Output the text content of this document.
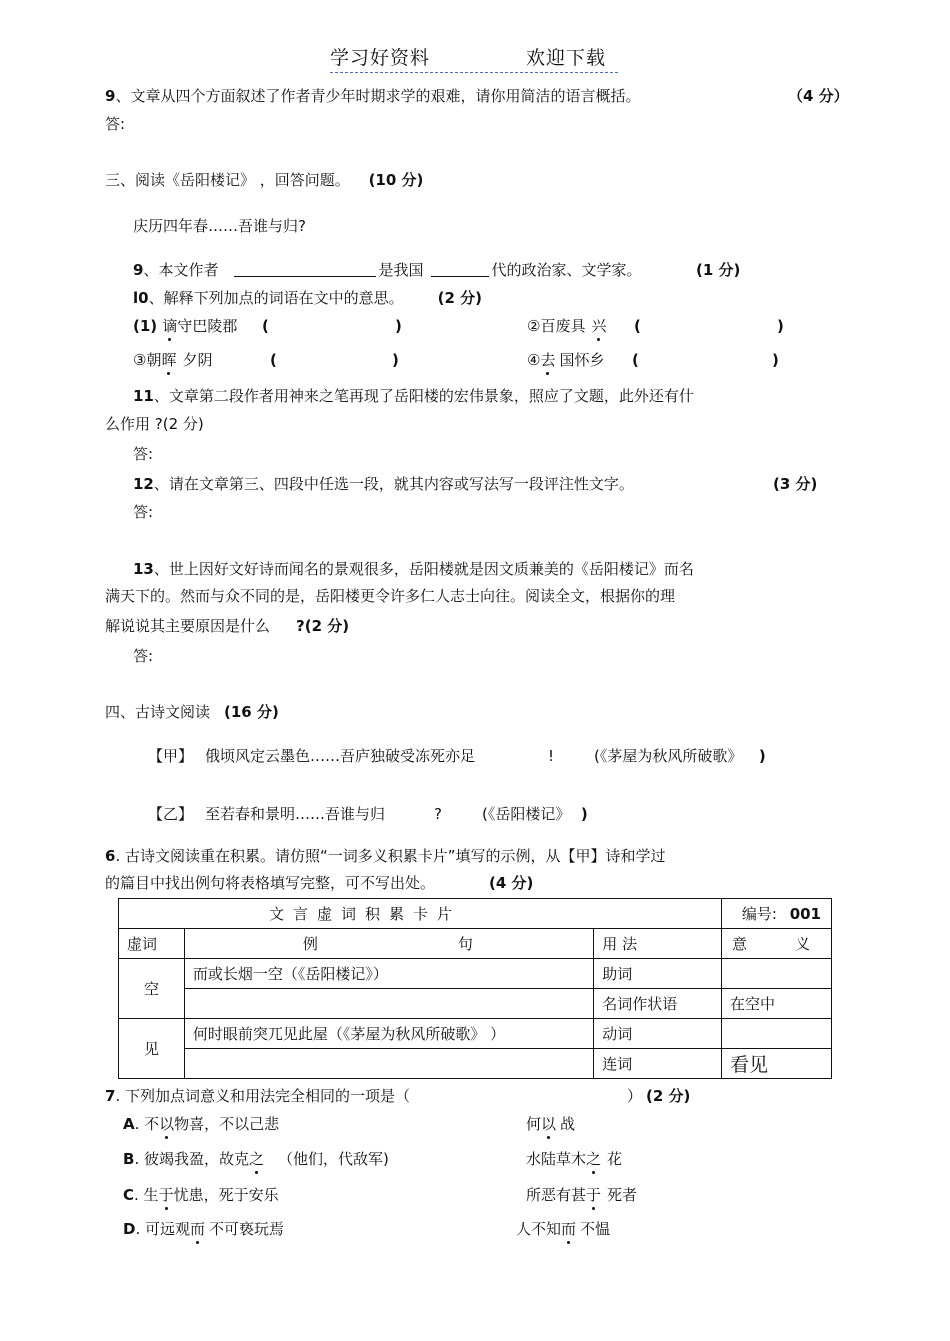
学习好资料	欢迎下载
9、文章从四个方面叙述了作者青少年时期求学的艰难，请你用简洁的语言概括。	（4 分）
答:
三、阅读《岳阳楼记》 ，回答问题。 (10 分)
庆历四年春……吾谁与归?
9、本文作者	是我国	代的政治家、文学家。	(1 分)
l0、解释下列加点的词语在文中的意思。 (2 分)
(1) 谪守巴陵郡 (	)	②百废具 兴 (	)
③朝晖 夕阴	(	)	④去 国怀乡 (	)
11、文章第二段作者用神来之笔再现了岳阳楼的宏伟景象，照应了文题，此外还有什
么作用 ?(2 分)
答:
12、请在文章第三、四段中任选一段，就其内容或写法写一段评注性文字。	(3 分)
答:
13、世上因好文好诗而闻名的景观很多，岳阳楼就是因文质兼美的《岳阳楼记》而名
满天下的。然而与众不同的是，岳阳楼更令许多仁人志士向往。阅读全文，根据你的理
解说说其主要原因是什么 ?(2 分)
答:
四、古诗文阅读 (16 分)
【甲】 俄顷风定云墨色……吾庐独破受冻死亦足	!	(《茅屋为秋风所破歌》 )
【乙】 至若春和景明……吾谁与归	?	(《岳阳楼记》 )
6. 古诗文阅读重在积累。请仿照“一词多义积累卡片”填写的示例，从【甲】诗和学过
的篇目中找出例句将表格填写完整，可不写出处。	(4 分)
文言虚词积累卡片			编号: 001
虚词	例 句	用 法	意 义
空	而或长烟一空（《岳阳楼记》）	助词	
		名词作状语	在空中
见	何时眼前突兀见此屋（《茅屋为秋风所破歌》 ）	动词	
		连词	看见
7. 下列加点词意义和用法完全相同的一项是（	） (2 分)
A. 不以物喜，不以己悲	何以 战
B. 彼竭我盈，故克之 （他们，代敌军)	水陆草木之 花
C. 生于忧患，死于安乐	所恶有甚于 死者
D. 可远观而 不可亵玩焉	人不知而 不愠
